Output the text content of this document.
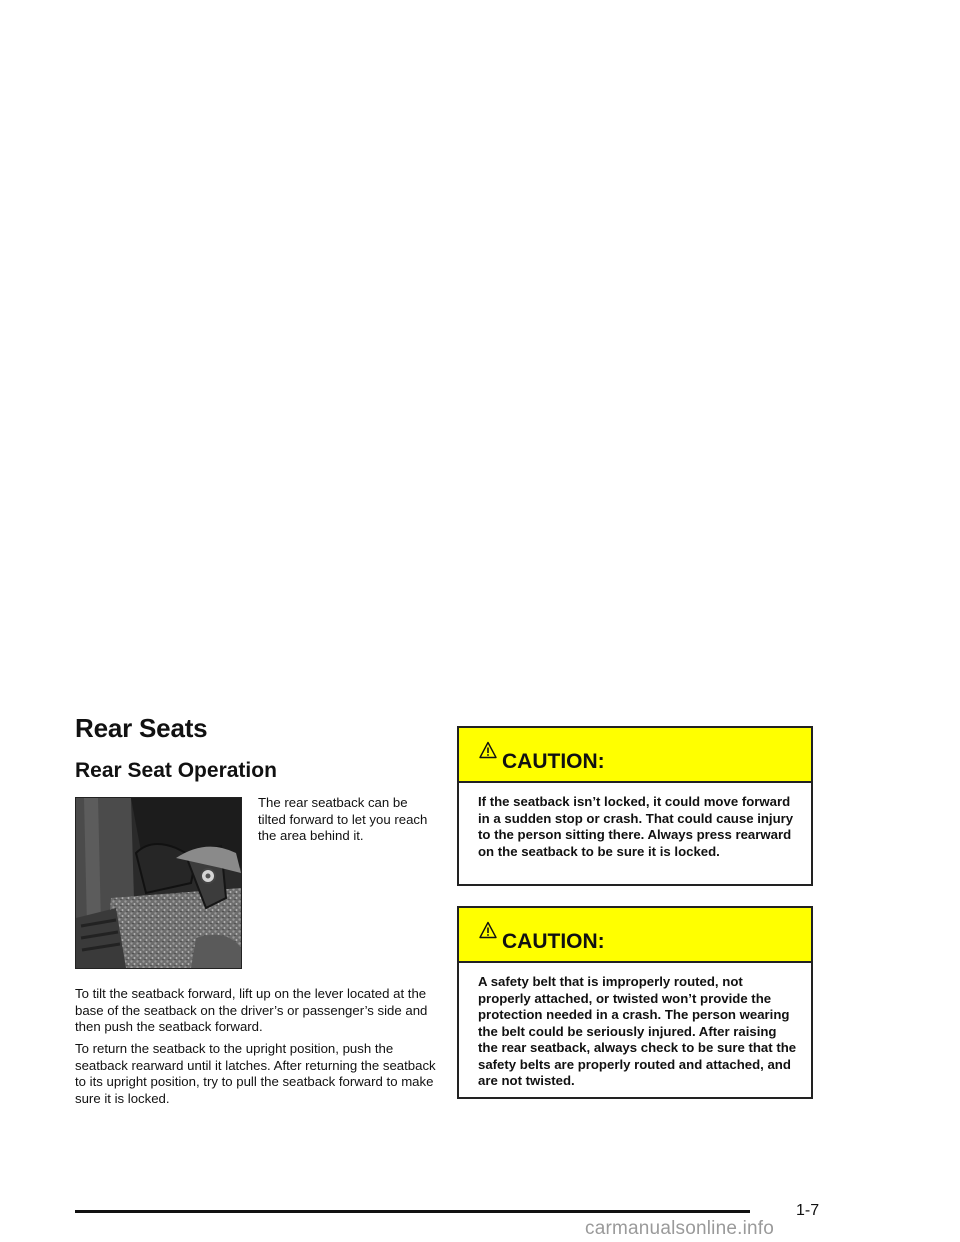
Rear Seats
Rear Seat Operation

The rear seatback can be tilted forward to let you reach the area behind it.

To tilt the seatback forward, lift up on the lever located at the base of the seatback on the driver’s or passenger’s side and then push the seatback forward.

To return the seatback to the upright position, push the seatback rearward until it latches. After returning the seatback to its upright position, try to pull the seatback forward to make sure it is locked.

CAUTION:

If the seatback isn’t locked, it could move forward in a sudden stop or crash. That could cause injury to the person sitting there. Always press rearward on the seatback to be sure it is locked.

CAUTION:

A safety belt that is improperly routed, not properly attached, or twisted won’t provide the protection needed in a crash. The person wearing the belt could be seriously injured. After raising the rear seatback, always check to be sure that the safety belts are properly routed and attached, and are not twisted.

1-7
carmanualsonline.info
